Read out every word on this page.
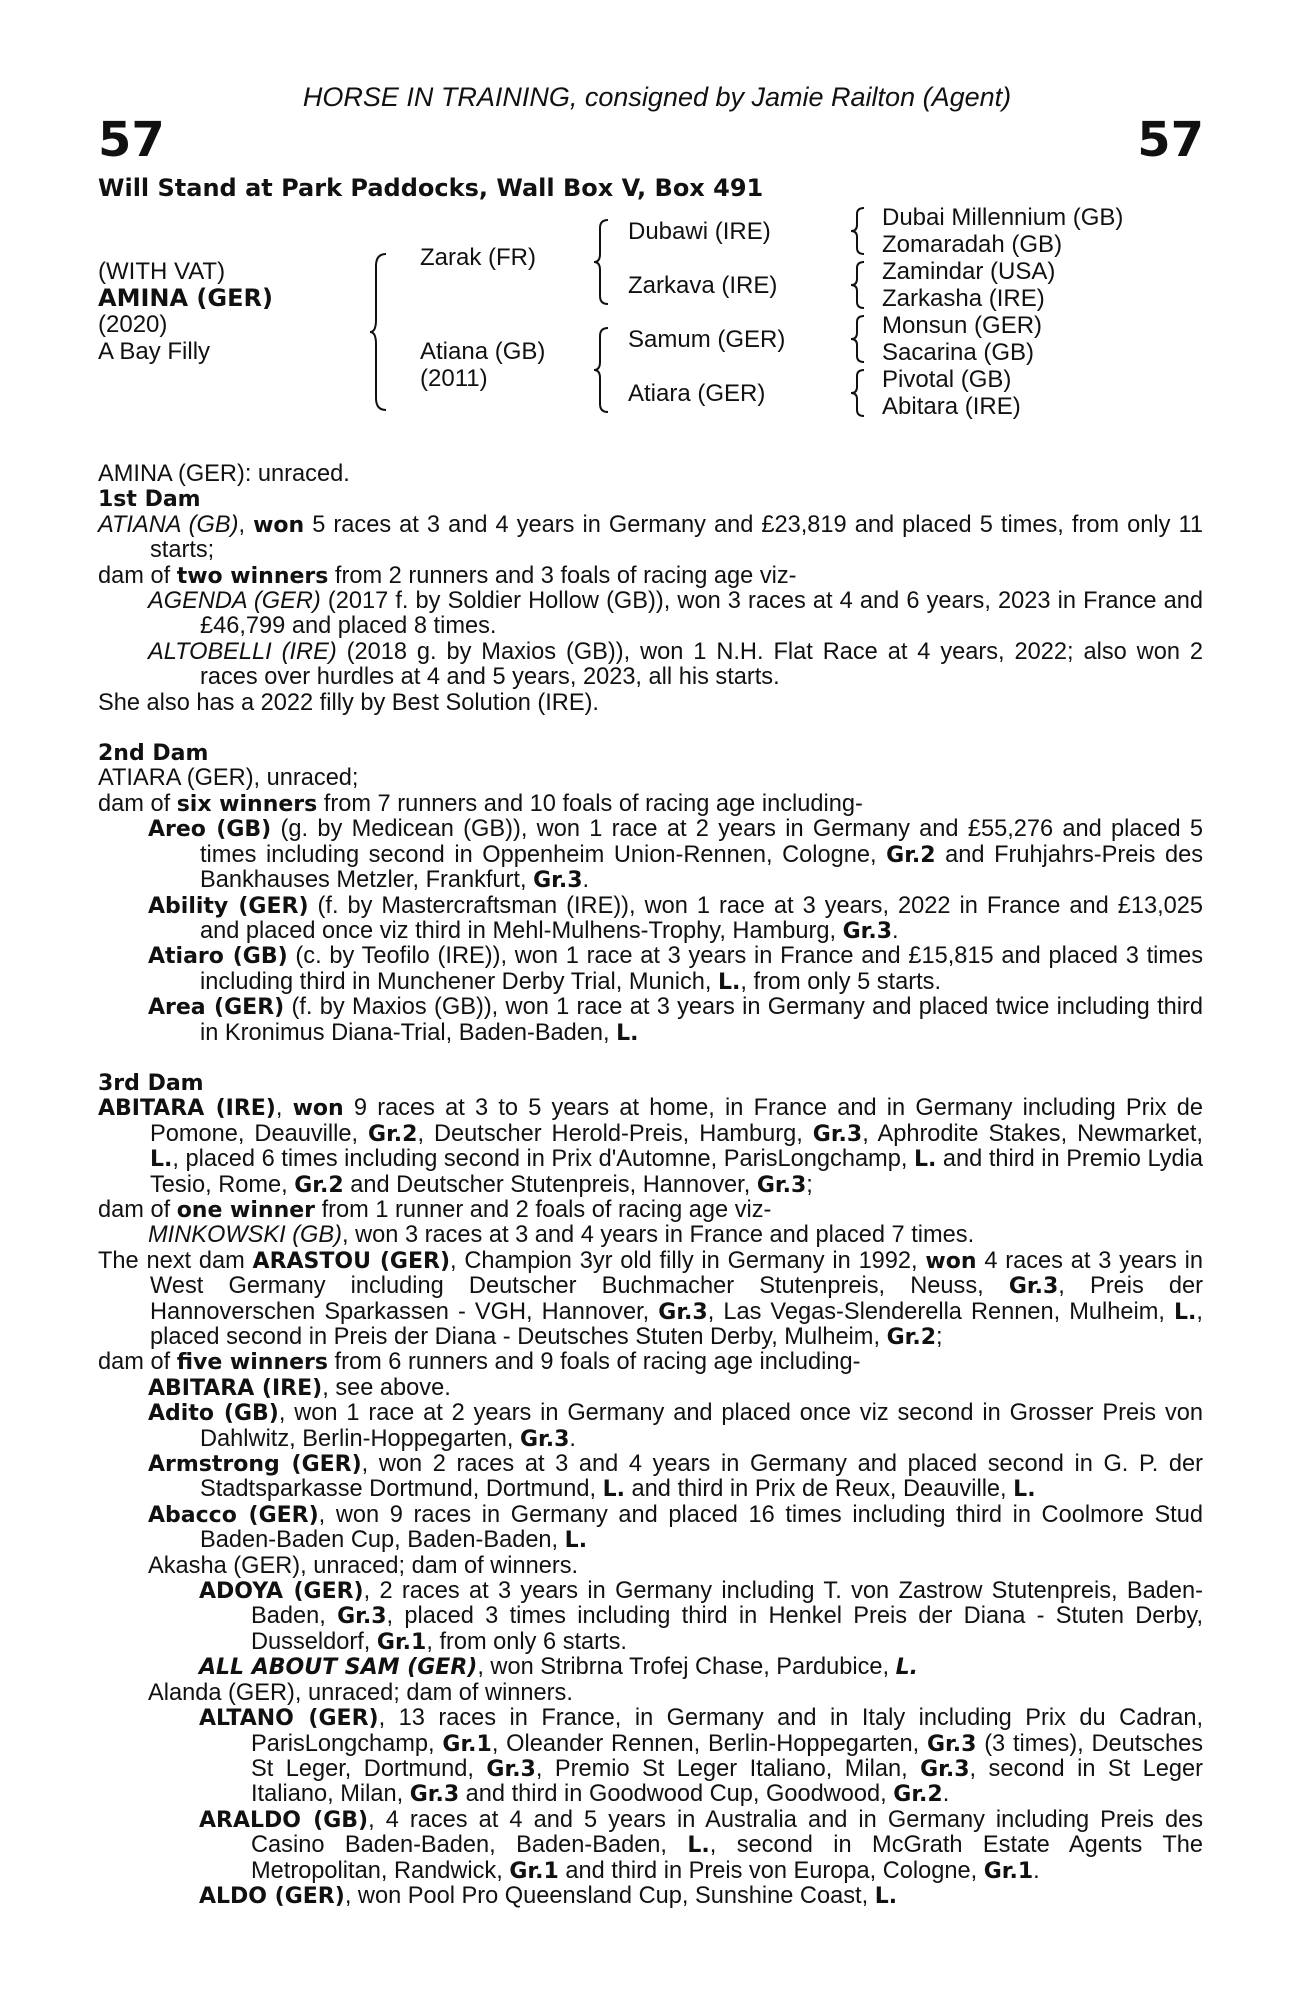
HORSE IN TRAINING, consigned by Jamie Railton (Agent)
57	57
Will Stand at Park Paddocks, Wall Box V, Box 491
(WITH VAT)
AMINA (GER)
(2020)
A Bay Filly
Zarak (FR)
Atiana (GB)
(2011)
Dubawi (IRE)
Zarkava (IRE)
Samum (GER)
Atiara (GER)
Dubai Millennium (GB)
Zomaradah (GB)
Zamindar (USA)
Zarkasha (IRE)
Monsun (GER)
Sacarina (GB)
Pivotal (GB)
Abitara (IRE)

AMINA (GER): unraced.

1st Dam

ATIANA (GB), won 5 races at 3 and 4 years in Germany and £23,819 and placed 5 times, from only 11 starts;

dam of two winners from 2 runners and 3 foals of racing age viz-

AGENDA (GER) (2017 f. by Soldier Hollow (GB)), won 3 races at 4 and 6 years, 2023 in France and £46,799 and placed 8 times.

ALTOBELLI (IRE) (2018 g. by Maxios (GB)), won 1 N.H. Flat Race at 4 years, 2022; also won 2 races over hurdles at 4 and 5 years, 2023, all his starts.

She also has a 2022 filly by Best Solution (IRE).

2nd Dam

ATIARA (GER), unraced;

dam of six winners from 7 runners and 10 foals of racing age including-

Areo (GB) (g. by Medicean (GB)), won 1 race at 2 years in Germany and £55,276 and placed 5 times including second in Oppenheim Union-Rennen, Cologne, Gr.2 and Fruhjahrs-Preis des Bankhauses Metzler, Frankfurt, Gr.3.

Ability (GER) (f. by Mastercraftsman (IRE)), won 1 race at 3 years, 2022 in France and £13,025 and placed once viz third in Mehl-Mulhens-Trophy, Hamburg, Gr.3.

Atiaro (GB) (c. by Teofilo (IRE)), won 1 race at 3 years in France and £15,815 and placed 3 times including third in Munchener Derby Trial, Munich, L., from only 5 starts.

Area (GER) (f. by Maxios (GB)), won 1 race at 3 years in Germany and placed twice including third in Kronimus Diana-Trial, Baden-Baden, L.

3rd Dam

ABITARA (IRE), won 9 races at 3 to 5 years at home, in France and in Germany including Prix de Pomone, Deauville, Gr.2, Deutscher Herold-Preis, Hamburg, Gr.3, Aphrodite Stakes, Newmarket, L., placed 6 times including second in Prix d'Automne, ParisLongchamp, L. and third in Premio Lydia Tesio, Rome, Gr.2 and Deutscher Stutenpreis, Hannover, Gr.3;

dam of one winner from 1 runner and 2 foals of racing age viz-

MINKOWSKI (GB), won 3 races at 3 and 4 years in France and placed 7 times.

The next dam ARASTOU (GER), Champion 3yr old filly in Germany in 1992, won 4 races at 3 years in West Germany including Deutscher Buchmacher Stutenpreis, Neuss, Gr.3, Preis der Hannoverschen Sparkassen - VGH, Hannover, Gr.3, Las Vegas-Slenderella Rennen, Mulheim, L., placed second in Preis der Diana - Deutsches Stuten Derby, Mulheim, Gr.2;

dam of five winners from 6 runners and 9 foals of racing age including-

ABITARA (IRE), see above.

Adito (GB), won 1 race at 2 years in Germany and placed once viz second in Grosser Preis von Dahlwitz, Berlin-Hoppegarten, Gr.3.

Armstrong (GER), won 2 races at 3 and 4 years in Germany and placed second in G. P. der Stadtsparkasse Dortmund, Dortmund, L. and third in Prix de Reux, Deauville, L.

Abacco (GER), won 9 races in Germany and placed 16 times including third in Coolmore Stud Baden-Baden Cup, Baden-Baden, L.

Akasha (GER), unraced; dam of winners.

ADOYA (GER), 2 races at 3 years in Germany including T. von Zastrow Stutenpreis, Baden-Baden, Gr.3, placed 3 times including third in Henkel Preis der Diana - Stuten Derby, Dusseldorf, Gr.1, from only 6 starts.

ALL ABOUT SAM (GER), won Stribrna Trofej Chase, Pardubice, L.

Alanda (GER), unraced; dam of winners.

ALTANO (GER), 13 races in France, in Germany and in Italy including Prix du Cadran, ParisLongchamp, Gr.1, Oleander Rennen, Berlin-Hoppegarten, Gr.3 (3 times), Deutsches St Leger, Dortmund, Gr.3, Premio St Leger Italiano, Milan, Gr.3, second in St Leger Italiano, Milan, Gr.3 and third in Goodwood Cup, Goodwood, Gr.2.

ARALDO (GB), 4 races at 4 and 5 years in Australia and in Germany including Preis des Casino Baden-Baden, Baden-Baden, L., second in McGrath Estate Agents The Metropolitan, Randwick, Gr.1 and third in Preis von Europa, Cologne, Gr.1.

ALDO (GER), won Pool Pro Queensland Cup, Sunshine Coast, L.
